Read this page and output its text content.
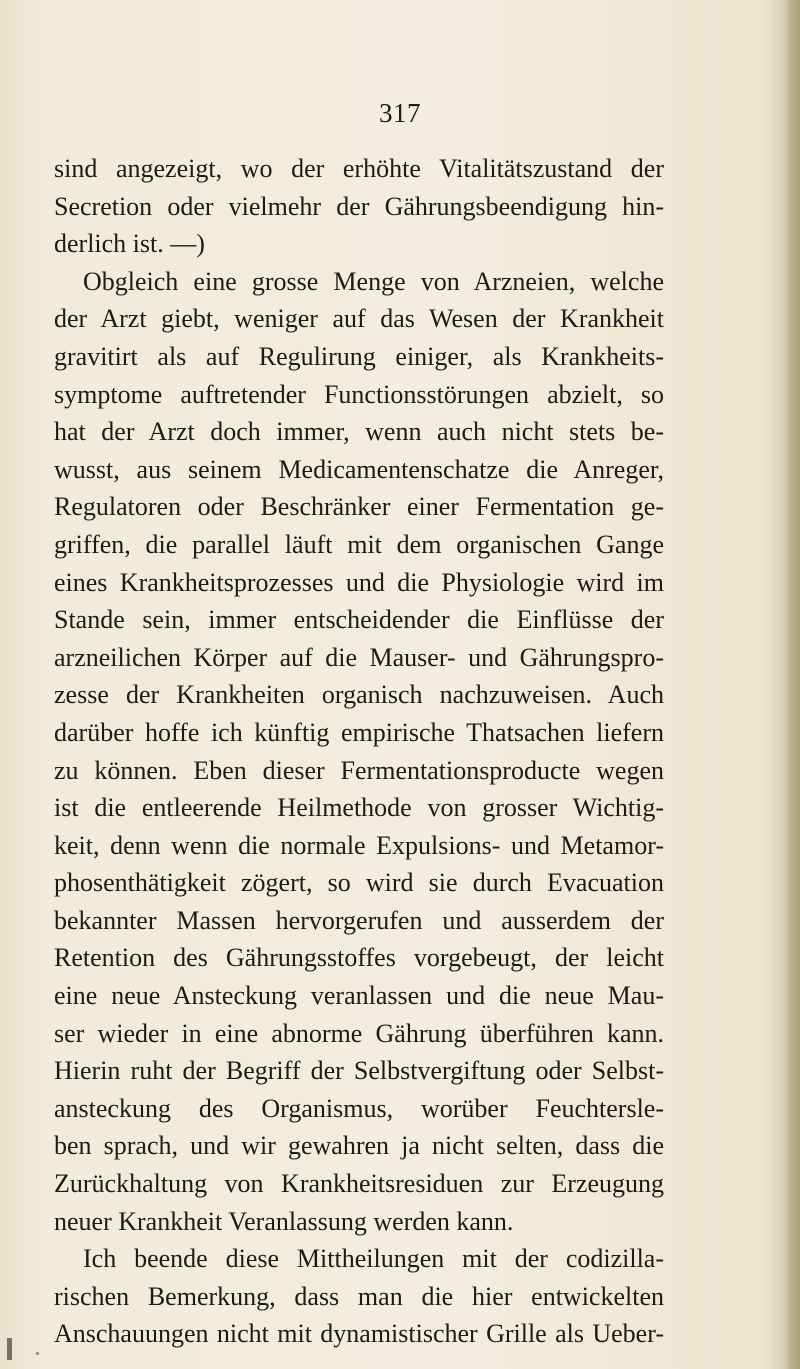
317
sind angezeigt, wo der erhöhte Vitalitätszustand der
Secretion oder vielmehr der Gährungsbeendigung hin-
derlich ist. —)
Obgleich eine grosse Menge von Arzneien, welche
der Arzt giebt, weniger auf das Wesen der Krankheit
gravitirt als auf Regulirung einiger, als Krankheits-
symptome auftretender Functionsstörungen abzielt, so
hat der Arzt doch immer, wenn auch nicht stets be-
wusst, aus seinem Medicamentenschatze die Anreger,
Regulatoren oder Beschränker einer Fermentation ge-
griffen, die parallel läuft mit dem organischen Gange
eines Krankheitsprozesses und die Physiologie wird im
Stande sein, immer entscheidender die Einflüsse der
arzneilichen Körper auf die Mauser- und Gährungspro-
zesse der Krankheiten organisch nachzuweisen. Auch
darüber hoffe ich künftig empirische Thatsachen liefern
zu können. Eben dieser Fermentationsproducte wegen
ist die entleerende Heilmethode von grosser Wichtig-
keit, denn wenn die normale Expulsions- und Metamor-
phosenthätigkeit zögert, so wird sie durch Evacuation
bekannter Massen hervorgerufen und ausserdem der
Retention des Gährungsstoffes vorgebeugt, der leicht
eine neue Ansteckung veranlassen und die neue Mau-
ser wieder in eine abnorme Gährung überführen kann.
Hierin ruht der Begriff der Selbstvergiftung oder Selbst-
ansteckung des Organismus, worüber Feuchtersle-
ben sprach, und wir gewahren ja nicht selten, dass die
Zurückhaltung von Krankheitsresiduen zur Erzeugung
neuer Krankheit Veranlassung werden kann.
Ich beende diese Mittheilungen mit der codizilla-
rischen Bemerkung, dass man die hier entwickelten
Anschauungen nicht mit dynamistischer Grille als Ueber-
